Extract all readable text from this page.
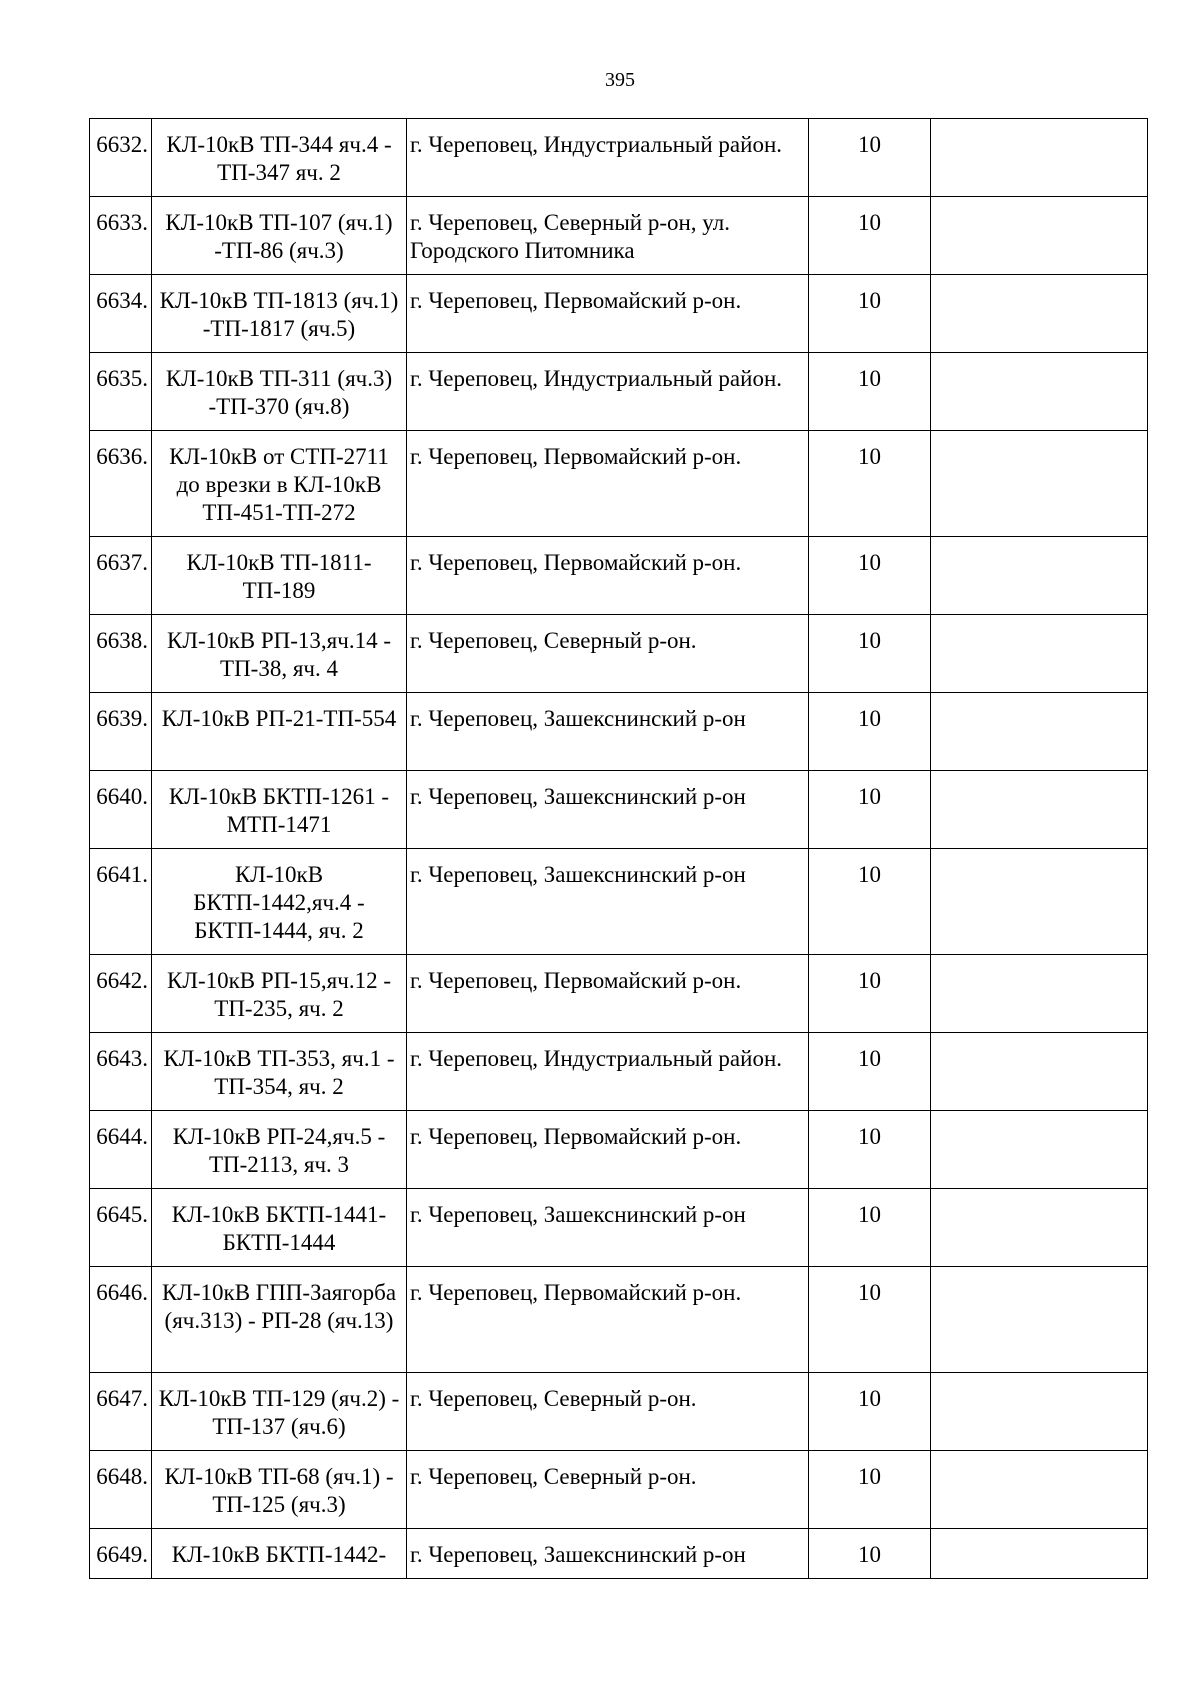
395
6632.	КЛ-10кВ ТП-344 яч.4 - ТП-347 яч. 2	г. Череповец, Индустриальный район.	10	
6633.	КЛ-10кВ ТП-107 (яч.1) -ТП-86 (яч.3)	г. Череповец, Северный р-он, ул. Городского Питомника	10	
6634.	КЛ-10кВ ТП-1813 (яч.1) -ТП-1817 (яч.5)	г. Череповец, Первомайский р-он.	10	
6635.	КЛ-10кВ ТП-311 (яч.3) -ТП-370 (яч.8)	г. Череповец, Индустриальный район.	10	
6636.	КЛ-10кВ от СТП-2711 до врезки в КЛ-10кВ ТП-451-ТП-272	г. Череповец, Первомайский р-он.	10	
6637.	КЛ-10кВ ТП-1811-ТП-189	г. Череповец, Первомайский р-он.	10	
6638.	КЛ-10кВ РП-13,яч.14 - ТП-38, яч. 4	г. Череповец, Северный р-он.	10	
6639.	КЛ-10кВ РП-21-ТП-554	г. Череповец, Зашекснинский р-он	10	
6640.	КЛ-10кВ БКТП-1261 - МТП-1471	г. Череповец, Зашекснинский р-он	10	
6641.	КЛ-10кВ БКТП-1442,яч.4 - БКТП-1444, яч. 2	г. Череповец, Зашекснинский р-он	10	
6642.	КЛ-10кВ РП-15,яч.12 - ТП-235, яч. 2	г. Череповец, Первомайский р-он.	10	
6643.	КЛ-10кВ ТП-353, яч.1 - ТП-354, яч. 2	г. Череповец, Индустриальный район.	10	
6644.	КЛ-10кВ РП-24,яч.5 - ТП-2113, яч. 3	г. Череповец, Первомайский р-он.	10	
6645.	КЛ-10кВ БКТП-1441-БКТП-1444	г. Череповец, Зашекснинский р-он	10	
6646.	КЛ-10кВ ГПП-Заягорба (яч.313) - РП-28 (яч.13)	г. Череповец, Первомайский р-он.	10	
6647.	КЛ-10кВ ТП-129 (яч.2) - ТП-137 (яч.6)	г. Череповец, Северный р-он.	10	
6648.	КЛ-10кВ ТП-68 (яч.1) - ТП-125 (яч.3)	г. Череповец, Северный р-он.	10	
6649.	КЛ-10кВ БКТП-1442-	г. Череповец, Зашекснинский р-он	10	
